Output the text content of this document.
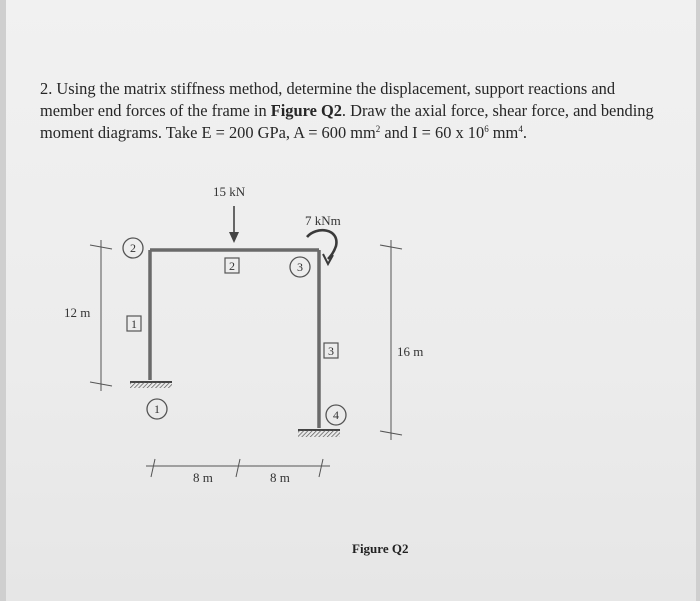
2. Using the matrix stiffness method, determine the displacement, support reactions and member end forces of the frame in Figure Q2. Draw the axial force, shear force, and bending moment diagrams. Take E = 200 GPa, A = 600 $mm^2$ and I = 60 x $10^6$ $mm^4$.
15 kN
7 kNm
1
2
3
4
1
2
3
12 m
16 m
8 m	8 m
Figure Q2
